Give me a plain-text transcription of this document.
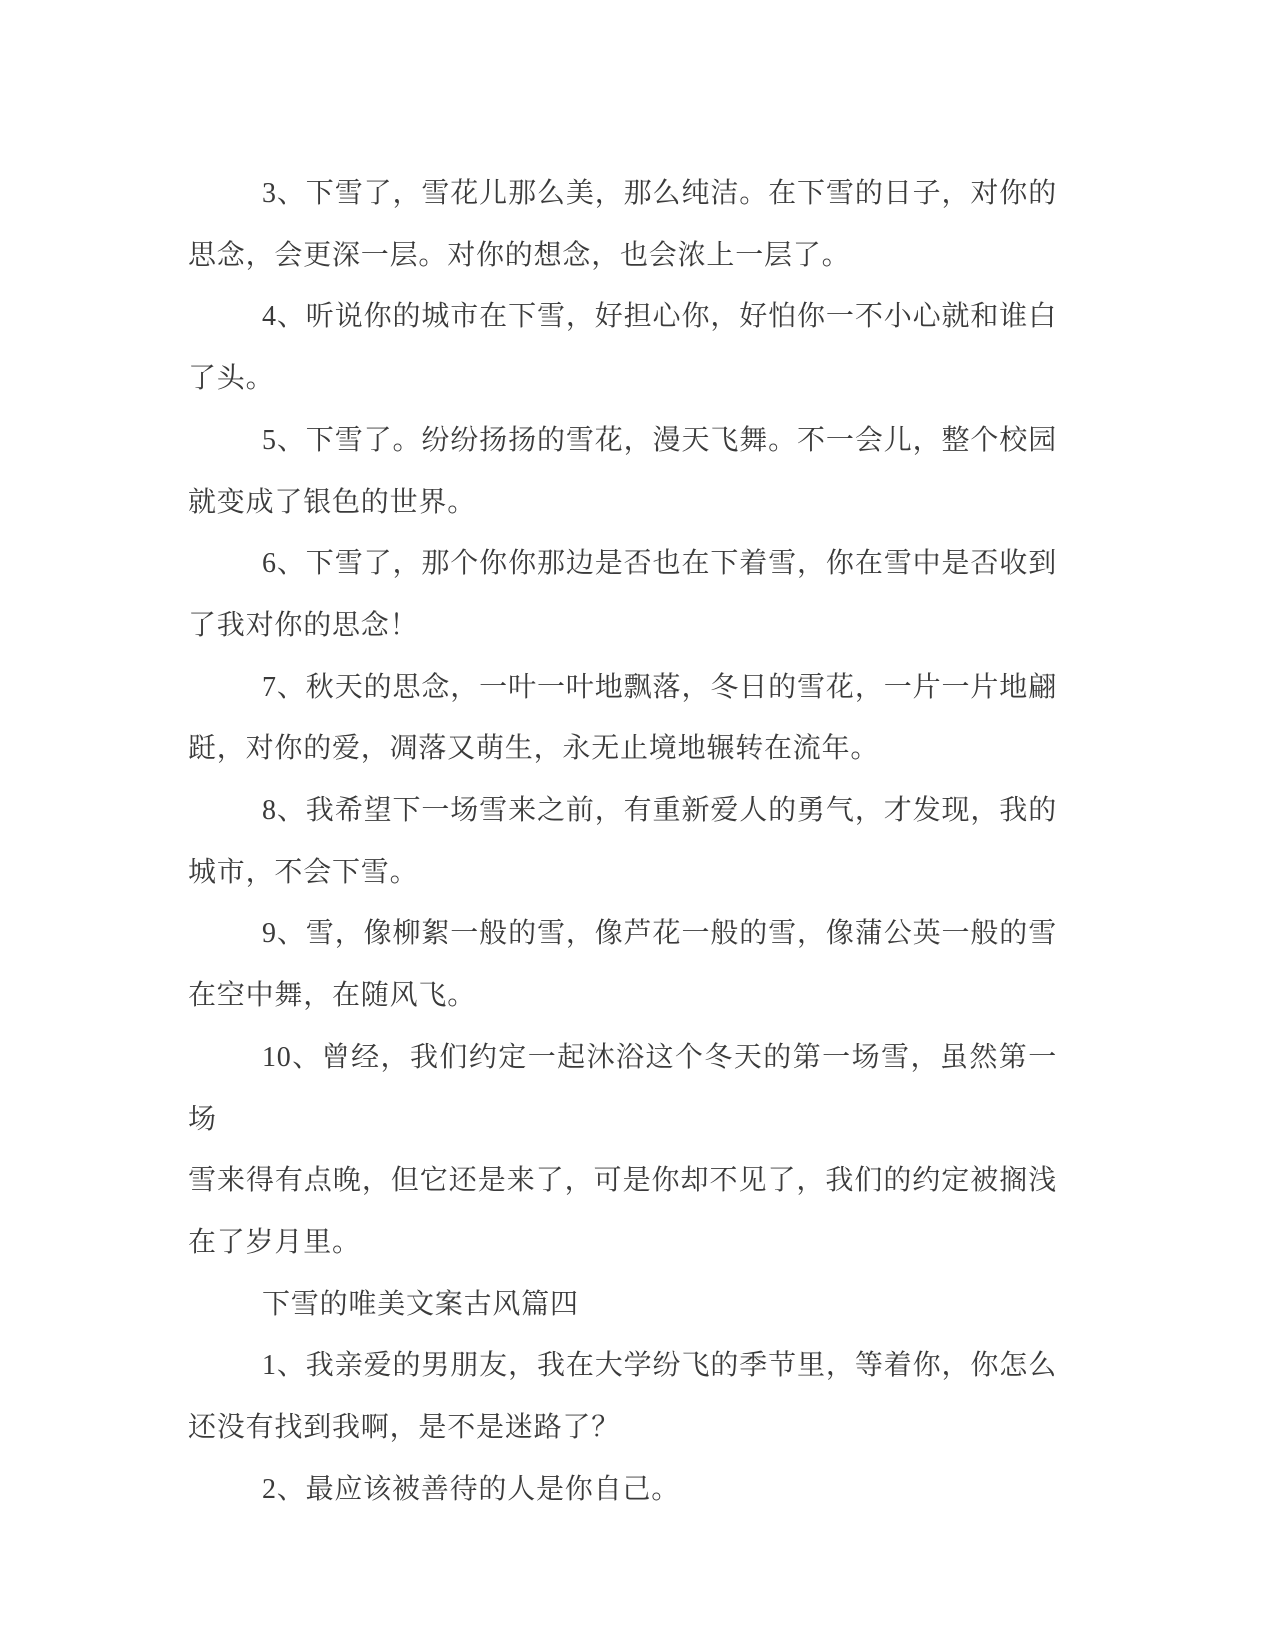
3、下雪了，雪花儿那么美，那么纯洁。在下雪的日子，对你的
思念，会更深一层。对你的想念，也会浓上一层了。
4、听说你的城市在下雪，好担心你，好怕你一不小心就和谁白
了头。
5、下雪了。纷纷扬扬的雪花，漫天飞舞。不一会儿，整个校园
就变成了银色的世界。
6、下雪了，那个你你那边是否也在下着雪，你在雪中是否收到
了我对你的思念！
7、秋天的思念，一叶一叶地飘落，冬日的雪花，一片一片地翩
跹，对你的爱，凋落又萌生，永无止境地辗转在流年。
8、我希望下一场雪来之前，有重新爱人的勇气，才发现，我的
城市，不会下雪。
9、雪，像柳絮一般的雪，像芦花一般的雪，像蒲公英一般的雪
在空中舞，在随风飞。
10、曾经，我们约定一起沐浴这个冬天的第一场雪，虽然第一场
雪来得有点晚，但它还是来了，可是你却不见了，我们的约定被搁浅
在了岁月里。
下雪的唯美文案古风篇四
1、我亲爱的男朋友，我在大学纷飞的季节里，等着你，你怎么
还没有找到我啊，是不是迷路了？
2、最应该被善待的人是你自己。
